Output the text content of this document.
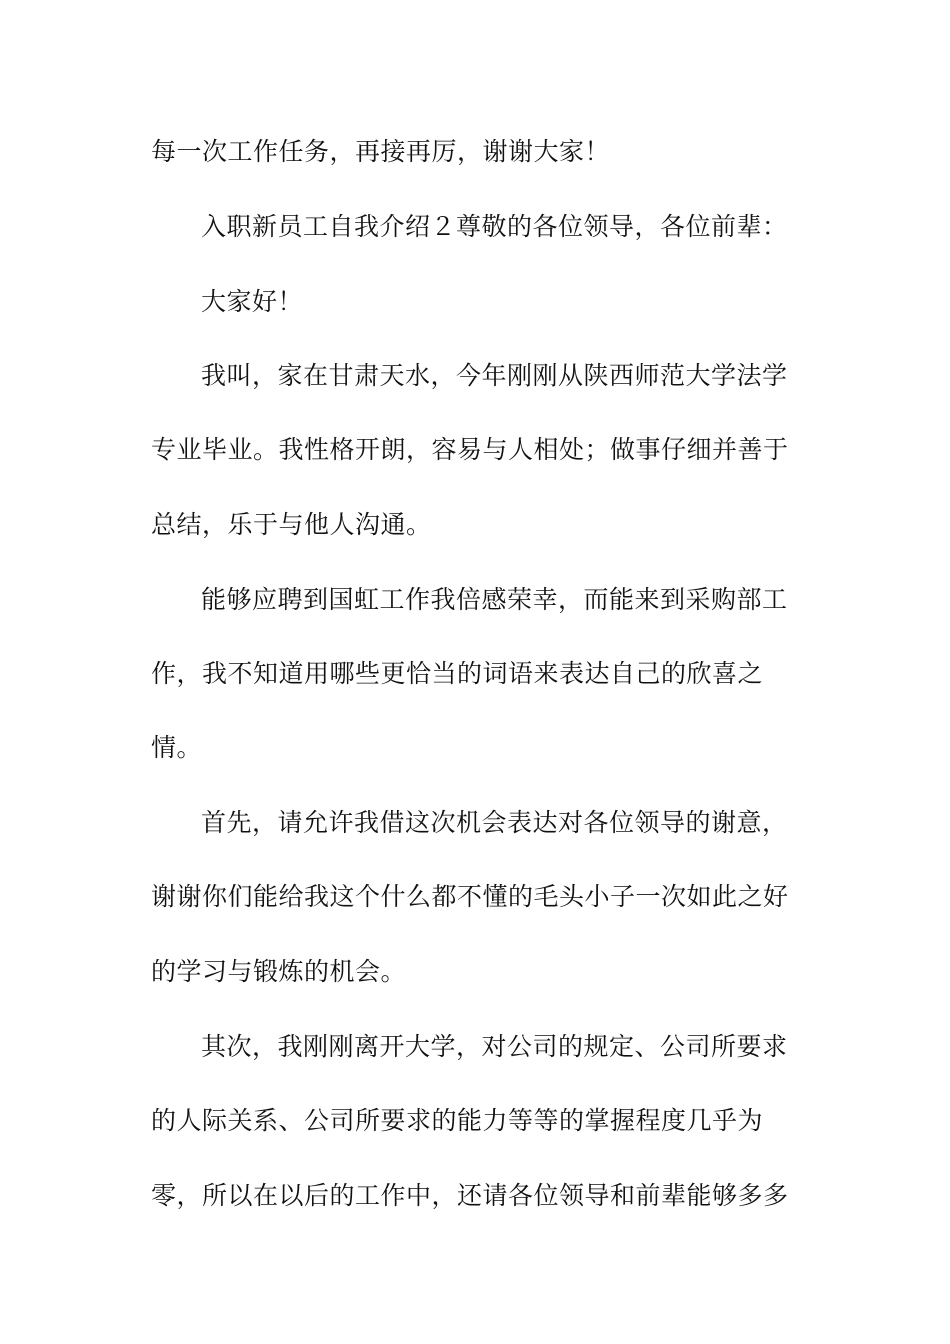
每一次工作任务，再接再厉，谢谢大家！
入职新员工自我介绍２尊敬的各位领导，各位前辈：
大家好！
我叫，家在甘肃天水，今年刚刚从陕西师范大学法学
专业毕业。我性格开朗，容易与人相处；做事仔细并善于
总结，乐于与他人沟通。
能够应聘到国虹工作我倍感荣幸，而能来到采购部工
作，我不知道用哪些更恰当的词语来表达自己的欣喜之
情。
首先，请允许我借这次机会表达对各位领导的谢意，
谢谢你们能给我这个什么都不懂的毛头小子一次如此之好
的学习与锻炼的机会。
其次，我刚刚离开大学，对公司的规定、公司所要求
的人际关系、公司所要求的能力等等的掌握程度几乎为
零，所以在以后的工作中，还请各位领导和前辈能够多多
